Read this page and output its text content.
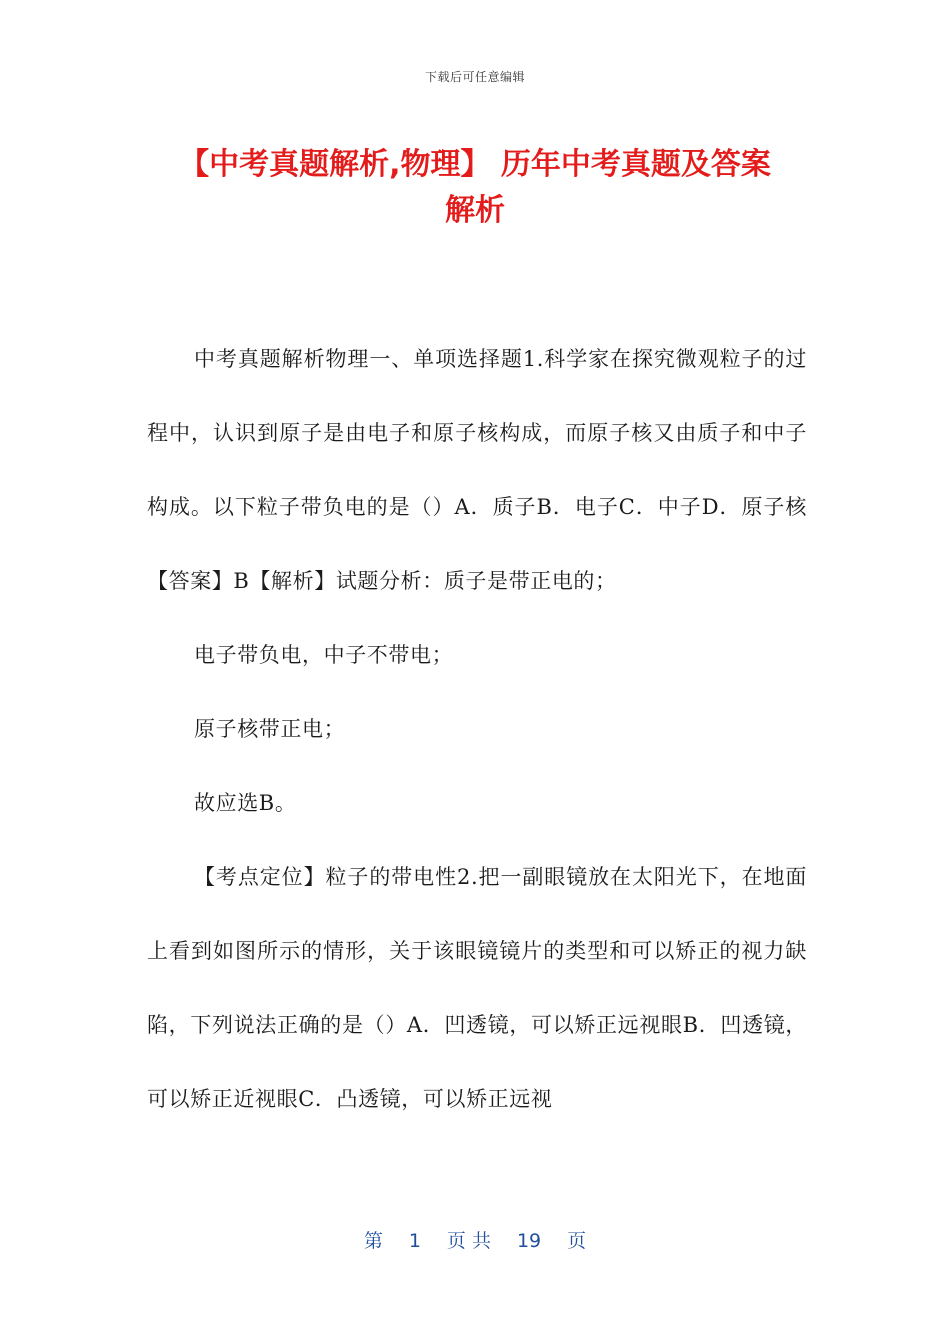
下载后可任意编辑
【中考真题解析,物理】 历年中考真题及答案
解析

中考真题解析物理一、单项选择题1.科学家在探究微观粒子的过程中，认识到原子是由电子和原子核构成，而原子核又由质子和中子构成。以下粒子带负电的是（）A．质子B．电子C．中子D．原子核【答案】B【解析】试题分析：质子是带正电的；

电子带负电，中子不带电；

原子核带正电；

故应选B。

【考点定位】粒子的带电性2.把一副眼镜放在太阳光下，在地面上看到如图所示的情形，关于该眼镜镜片的类型和可以矫正的视力缺陷，下列说法正确的是（）A．凹透镜，可以矫正远视眼B．凹透镜，可以矫正近视眼C．凸透镜，可以矫正远视

第 1 页 共 19 页
